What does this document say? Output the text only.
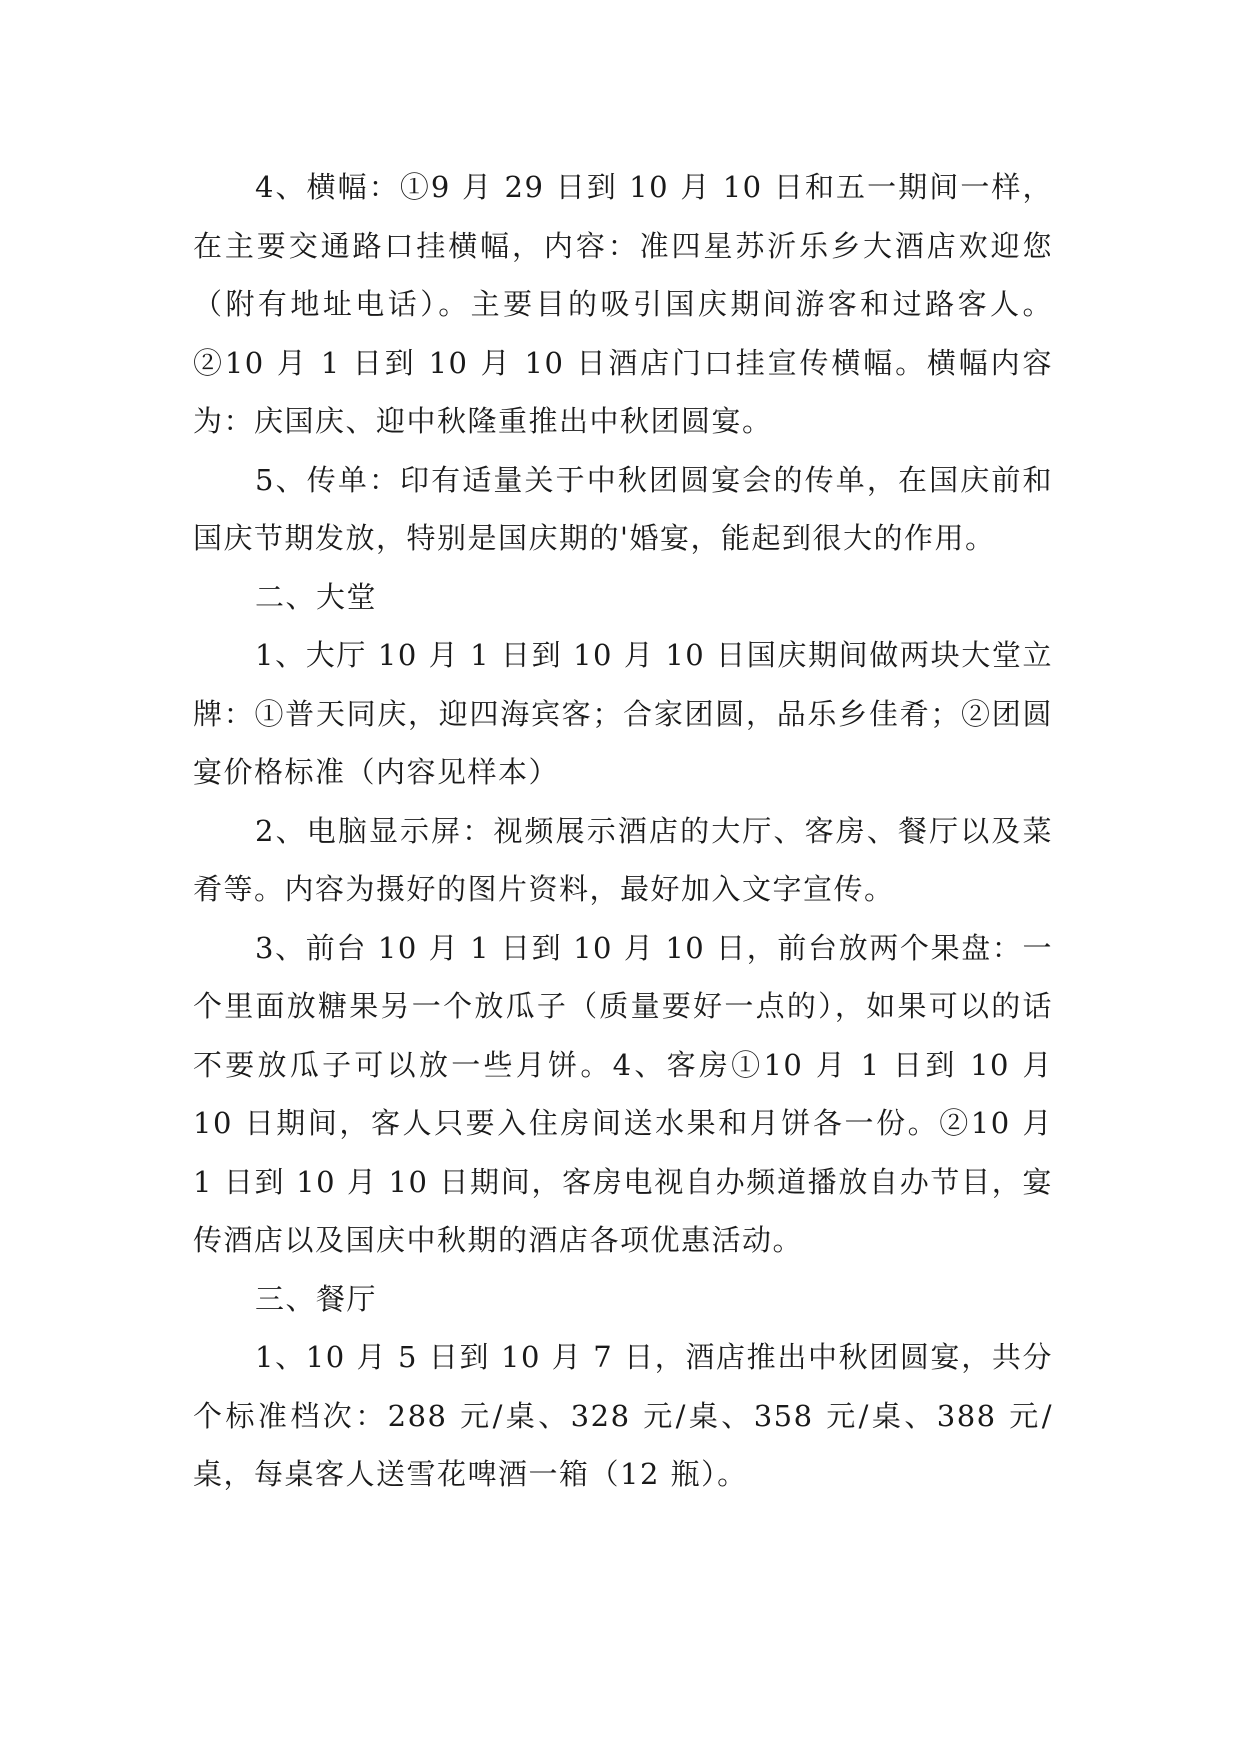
4、横幅：①9 月 29 日到 10 月 10 日和五一期间一样，在主要交通路口挂横幅，内容：准四星苏沂乐乡大酒店欢迎您（附有地址电话）。主要目的吸引国庆期间游客和过路客人。②10 月 1 日到 10 月 10 日酒店门口挂宣传横幅。横幅内容为：庆国庆、迎中秋隆重推出中秋团圆宴。

5、传单：印有适量关于中秋团圆宴会的传单，在国庆前和国庆节期发放，特别是国庆期的'婚宴，能起到很大的作用。

二、大堂

1、大厅 10 月 1 日到 10 月 10 日国庆期间做两块大堂立牌：①普天同庆，迎四海宾客；合家团圆，品乐乡佳肴；②团圆宴价格标准（内容见样本）

2、电脑显示屏：视频展示酒店的大厅、客房、餐厅以及菜肴等。内容为摄好的图片资料，最好加入文字宣传。

3、前台 10 月 1 日到 10 月 10 日，前台放两个果盘：一个里面放糖果另一个放瓜子（质量要好一点的），如果可以的话不要放瓜子可以放一些月饼。4、客房①10 月 1 日到 10 月 10 日期间，客人只要入住房间送水果和月饼各一份。②10 月 1 日到 10 月 10 日期间，客房电视自办频道播放自办节目，宴传酒店以及国庆中秋期的酒店各项优惠活动。

三、餐厅

1、10 月 5 日到 10 月 7 日，酒店推出中秋团圆宴，共分个标准档次：288 元/桌、328 元/桌、358 元/桌、388 元/桌，每桌客人送雪花啤酒一箱（12 瓶）。
